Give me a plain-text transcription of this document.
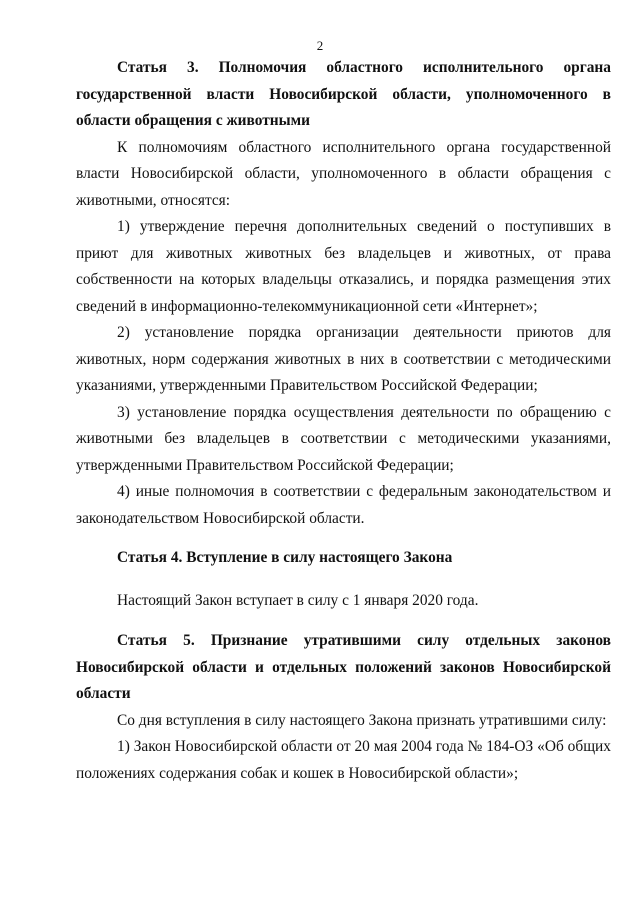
2

Статья 3. Полномочия областного исполнительного органа государственной власти Новосибирской области, уполномоченного в области обращения с животными

К полномочиям областного исполнительного органа государственной власти Новосибирской области, уполномоченного в области обращения с животными, относятся:

1) утверждение перечня дополнительных сведений о поступивших в приют для животных животных без владельцев и животных, от права собственности на которых владельцы отказались, и порядка размещения этих сведений в информационно-телекоммуникационной сети «Интернет»;

2) установление порядка организации деятельности приютов для животных, норм содержания животных в них в соответствии с методическими указаниями, утвержденными Правительством Российской Федерации;

3) установление порядка осуществления деятельности по обращению с животными без владельцев в соответствии с методическими указаниями, утвержденными Правительством Российской Федерации;

4) иные полномочия в соответствии с федеральным законодательством и законодательством Новосибирской области.

Статья 4. Вступление в силу настоящего Закона

Настоящий Закон вступает в силу с 1 января 2020 года.

Статья 5. Признание утратившими силу отдельных законов Новосибирской области и отдельных положений законов Новосибирской области

Со дня вступления в силу настоящего Закона признать утратившими силу:

1) Закон Новосибирской области от 20 мая 2004 года № 184-ОЗ «Об общих положениях содержания собак и кошек в Новосибирской области»;
